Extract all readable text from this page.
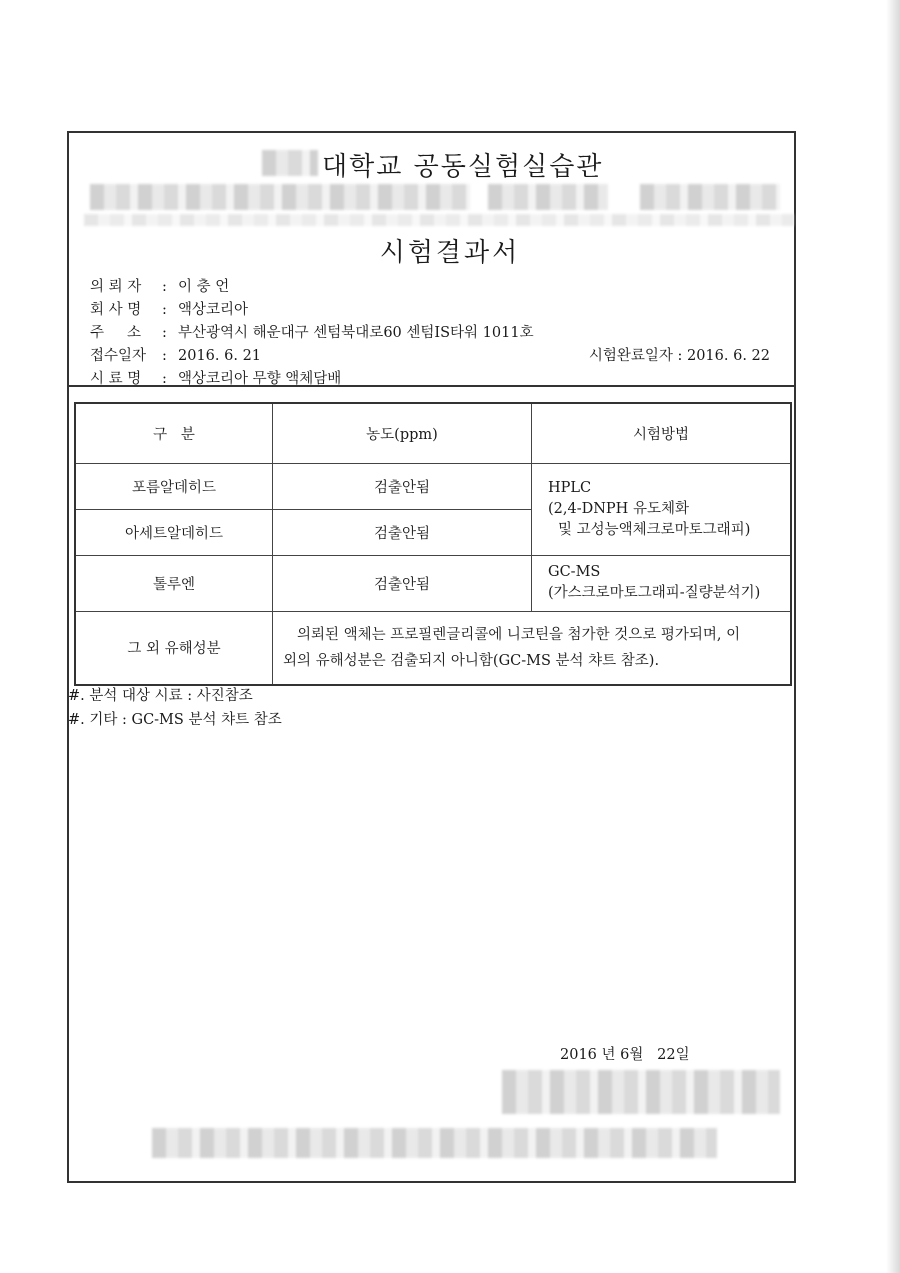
대학교 공동실험실습관
시험결과서
의 뢰 자 : 이 충 언
회 사 명 : 액상코리아
주     소 : 부산광역시 해운대구 센텀북대로60 센텀IS타워 1011호
접수일자 : 2016. 6. 21	시험완료일자 : 2016. 6. 22
시 료 명 : 액상코리아 무향 액체담배
구   분	농도(ppm)	시험방법
포름알데히드	검출안됨	HPLC
(2,4-DNPH 유도체화
및 고성능액체크로마토그래피)

아세트알데히드	검출안됨	
톨루엔	검출안됨	GC-MS
(가스크로마토그래피-질량분석기)

그 외 유해성분	의뢰된 액체는 프로필렌글리콜에 니코틴을 첨가한 것으로 평가되며, 이
외의 유해성분은 검출되지 아니함(GC-MS 분석 챠트 참조).	
#. 분석 대상 시료 : 사진참조
#. 기타 : GC-MS 분석 챠트 참조
2016 년 6월   22일
